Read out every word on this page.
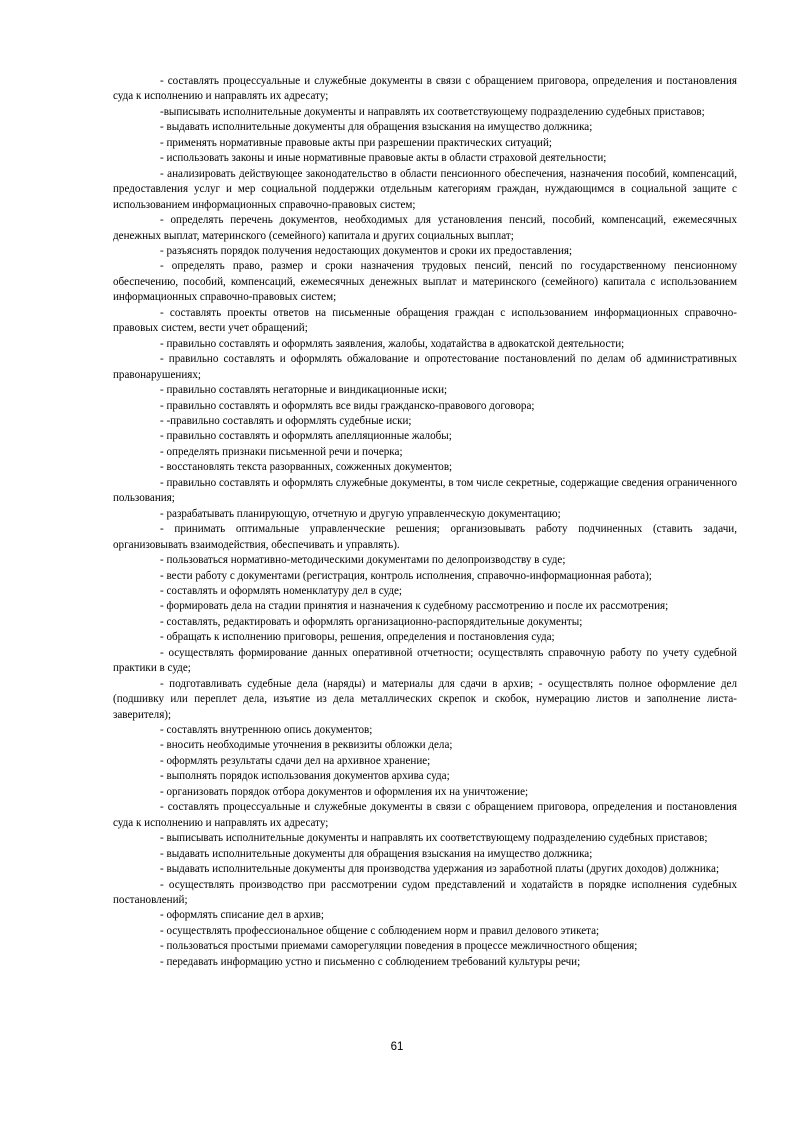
- составлять процессуальные и служебные документы в связи с обращением приговора, определения и постановления суда к исполнению и направлять их адресату;

-выписывать исполнительные документы и направлять их соответствующему подразделению судебных приставов;

- выдавать исполнительные документы для обращения взыскания на имущество должника;

- применять нормативные правовые акты при разрешении практических ситуаций;

- использовать законы и иные нормативные правовые акты в области страховой деятельности;

- анализировать действующее законодательство в области пенсионного обеспечения, назначения пособий, компенсаций, предоставления услуг и мер социальной поддержки отдельным категориям граждан, нуждающимся в социальной защите с использованием информационных справочно-правовых систем;

- определять перечень документов, необходимых для установления пенсий, пособий, компенсаций, ежемесячных денежных выплат, материнского (семейного) капитала и других социальных выплат;

- разъяснять порядок получения недостающих документов и сроки их предоставления;

- определять право, размер и сроки назначения трудовых пенсий, пенсий по государственному пенсионному обеспечению, пособий, компенсаций, ежемесячных денежных выплат и материнского (семейного) капитала с использованием информационных справочно-правовых систем;

- составлять проекты ответов на письменные обращения граждан с использованием информационных справочно-правовых систем, вести учет обращений;

- правильно составлять и оформлять заявления, жалобы, ходатайства в адвокатской деятельности;

- правильно составлять и оформлять обжалование и опротестование постановлений по делам об административных правонарушениях;

- правильно составлять негаторные и виндикационные иски;

- правильно составлять и оформлять все виды гражданско-правового договора;

- -правильно составлять и оформлять судебные иски;

- правильно составлять и оформлять апелляционные жалобы;

- определять признаки письменной речи и почерка;

- восстановлять текста разорванных, сожженных документов;

- правильно составлять и оформлять служебные документы, в том числе секретные, содержащие сведения ограниченного пользования;

- разрабатывать планирующую, отчетную и другую управленческую документацию;

- принимать оптимальные управленческие решения; организовывать работу подчиненных (ставить задачи, организовывать взаимодействия, обеспечивать и управлять).

- пользоваться нормативно-методическими документами по делопроизводству в суде;

- вести работу с документами (регистрация, контроль исполнения, справочно-информационная работа);

- составлять и оформлять номенклатуру дел в суде;

- формировать дела на стадии принятия и назначения к судебному рассмотрению и после их рассмотрения;

- составлять, редактировать и оформлять организационно-распорядительные документы;

- обращать к исполнению приговоры, решения, определения и постановления суда;

- осуществлять формирование данных оперативной отчетности; осуществлять справочную работу по учету судебной практики в суде;

- подготавливать судебные дела (наряды) и материалы для сдачи в архив; - осуществлять полное оформление дел (подшивку или переплет дела, изъятие из дела металлических скрепок и скобок, нумерацию листов и заполнение листа-заверителя);

- составлять внутреннюю опись документов;

- вносить необходимые уточнения в реквизиты обложки дела;

- оформлять результаты сдачи дел на архивное хранение;

- выполнять порядок использования документов архива суда;

- организовать порядок отбора документов и оформления их на уничтожение;

- составлять процессуальные и служебные документы в связи с обращением приговора, определения и постановления суда к исполнению и направлять их адресату;

- выписывать исполнительные документы и направлять их соответствующему подразделению судебных приставов;

- выдавать исполнительные документы для обращения взыскания на имущество должника;

- выдавать исполнительные документы для производства удержания из заработной платы (других доходов) должника;

- осуществлять производство при рассмотрении судом представлений и ходатайств в порядке исполнения судебных постановлений;

- оформлять списание дел в архив;

- осуществлять профессиональное общение с соблюдением норм и правил делового этикета;

- пользоваться простыми приемами саморегуляции поведения в процессе межличностного общения;

- передавать информацию устно и письменно с соблюдением требований культуры речи;

61
